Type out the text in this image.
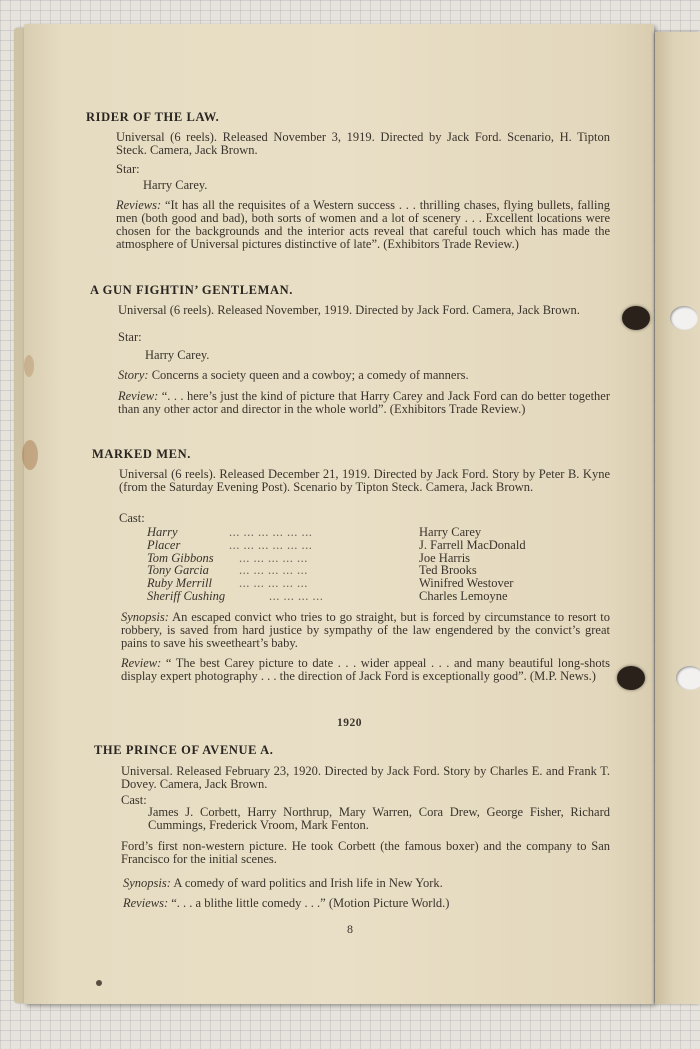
RIDER OF THE LAW.
Universal (6 reels). Released November 3, 1919. Directed by Jack Ford. Scenario, H. Tipton Steck. Camera, Jack Brown.
Star:
Harry Carey.
Reviews: “It has all the requisites of a Western success . . . thrilling chases, flying bullets, falling men (both good and bad), both sorts of women and a lot of scenery . . . Excellent locations were chosen for the backgrounds and the interior acts reveal that careful touch which has made the atmosphere of Universal pictures distinctive of late”. (Exhibitors Trade Review.)
A GUN FIGHTIN’ GENTLEMAN.
Universal (6 reels). Released November, 1919. Directed by Jack Ford. Camera, Jack Brown.
Star:
Harry Carey.
Story: Concerns a society queen and a cowboy; a comedy of manners.
Review: “. . . here’s just the kind of picture that Harry Carey and Jack Ford can do better together than any other actor and director in the whole world”. (Exhibitors Trade Review.)
MARKED MEN.
Universal (6 reels). Released December 21, 1919. Directed by Jack Ford. Story by Peter B. Kyne (from the Saturday Evening Post). Scenario by Tipton Steck. Camera, Jack Brown.
Cast:
Harry	... ... ... ... ... ...	Harry Carey
Placer	... ... ... ... ... ...	J. Farrell MacDonald
Tom Gibbons ... ... ... ... ...	Joe Harris
Tony Garcia ... ... ... ... ...	Ted Brooks
Ruby Merrill ... ... ... ... ...	Winifred Westover
Sheriff Cushing	... ... ... ...	Charles Lemoyne
Synopsis: An escaped convict who tries to go straight, but is forced by circumstance to resort to robbery, is saved from hard justice by sympathy of the law engendered by the convict’s great pains to save his sweetheart’s baby.
Review: “ The best Carey picture to date . . . wider appeal . . . and many beautiful long-shots display expert photography . . . the direction of Jack Ford is exceptionally good”. (M.P. News.)
1920
THE PRINCE OF AVENUE A.
Universal. Released February 23, 1920. Directed by Jack Ford. Story by Charles E. and Frank T. Dovey. Camera, Jack Brown.
Cast:
James J. Corbett, Harry Northrup, Mary Warren, Cora Drew, George Fisher, Richard Cummings, Frederick Vroom, Mark Fenton.
Ford’s first non-western picture. He took Corbett (the famous boxer) and the company to San Francisco for the initial scenes.
Synopsis: A comedy of ward politics and Irish life in New York.
Reviews: “. . . a blithe little comedy . . .” (Motion Picture World.)
8
